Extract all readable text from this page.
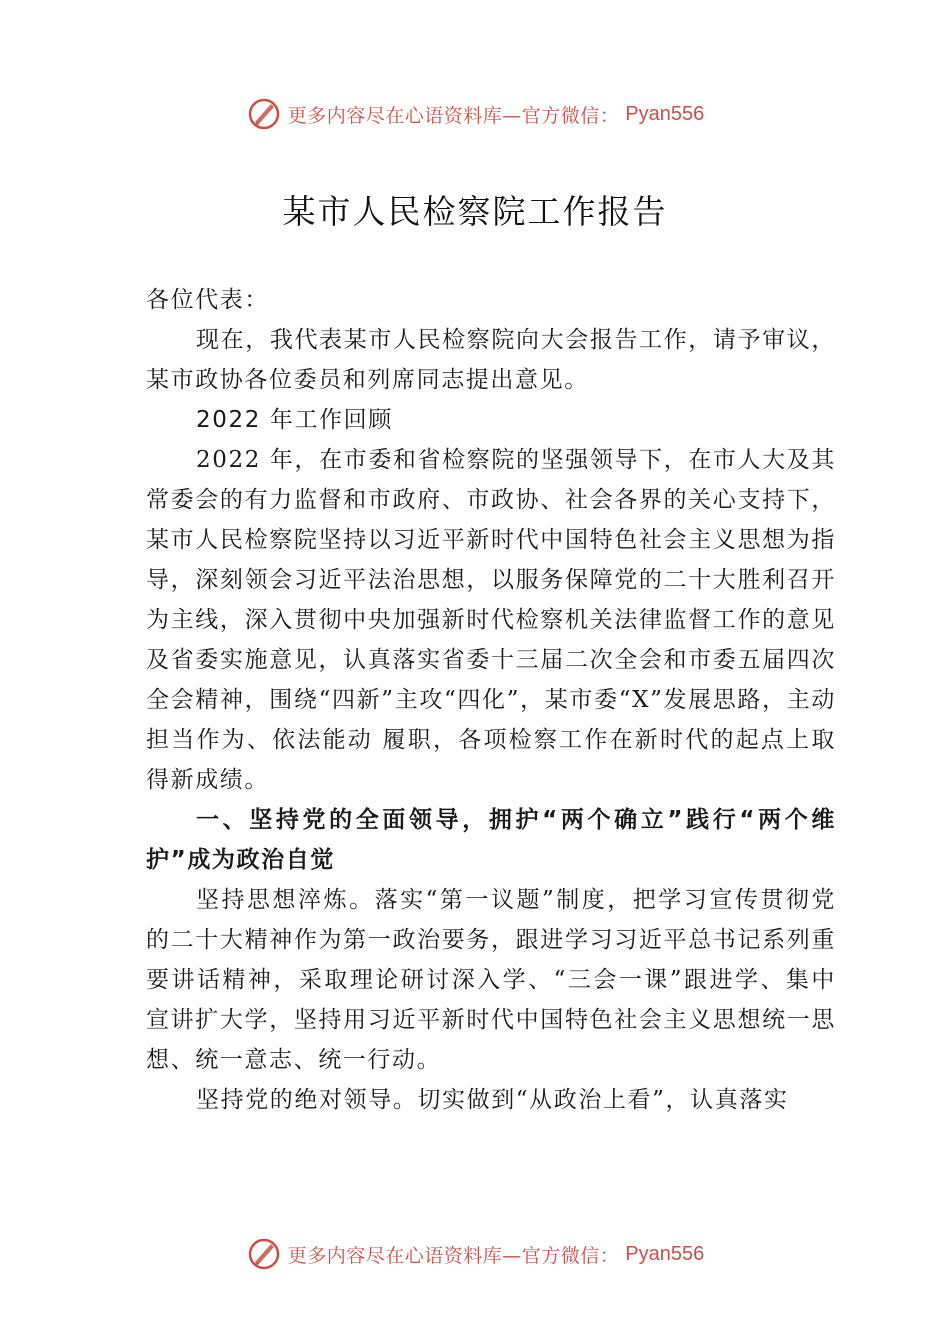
更多内容尽在心语资料库—官方微信： Pyan556
某市人民检察院工作报告

各位代表：

现在，我代表某市人民检察院向大会报告工作，请予审议，某市政协各位委员和列席同志提出意见。

2022 年工作回顾

2022 年，在市委和省检察院的坚强领导下，在市人大及其常委会的有力监督和市政府、市政协、社会各界的关心支持下，某市人民检察院坚持以习近平新时代中国特色社会主义思想为指导，深刻领会习近平法治思想，以服务保障党的二十大胜利召开为主线，深入贯彻中央加强新时代检察机关法律监督工作的意见及省委实施意见，认真落实省委十三届二次全会和市委五届四次全会精神，围绕“四新”主攻“四化”，某市委“X”发展思路，主动担当作为、依法能动 履职，各项检察工作在新时代的起点上取得新成绩。

一、坚持党的全面领导，拥护“两个确立”践行“两个维护”成为政治自觉

坚持思想淬炼。落实“第一议题”制度，把学习宣传贯彻党的二十大精神作为第一政治要务，跟进学习习近平总书记系列重要讲话精神，采取理论研讨深入学、“三会一课”跟进学、集中宣讲扩大学，坚持用习近平新时代中国特色社会主义思想统一思想、统一意志、统一行动。

坚持党的绝对领导。切实做到“从政治上看”，认真落实

更多内容尽在心语资料库—官方微信： Pyan556
